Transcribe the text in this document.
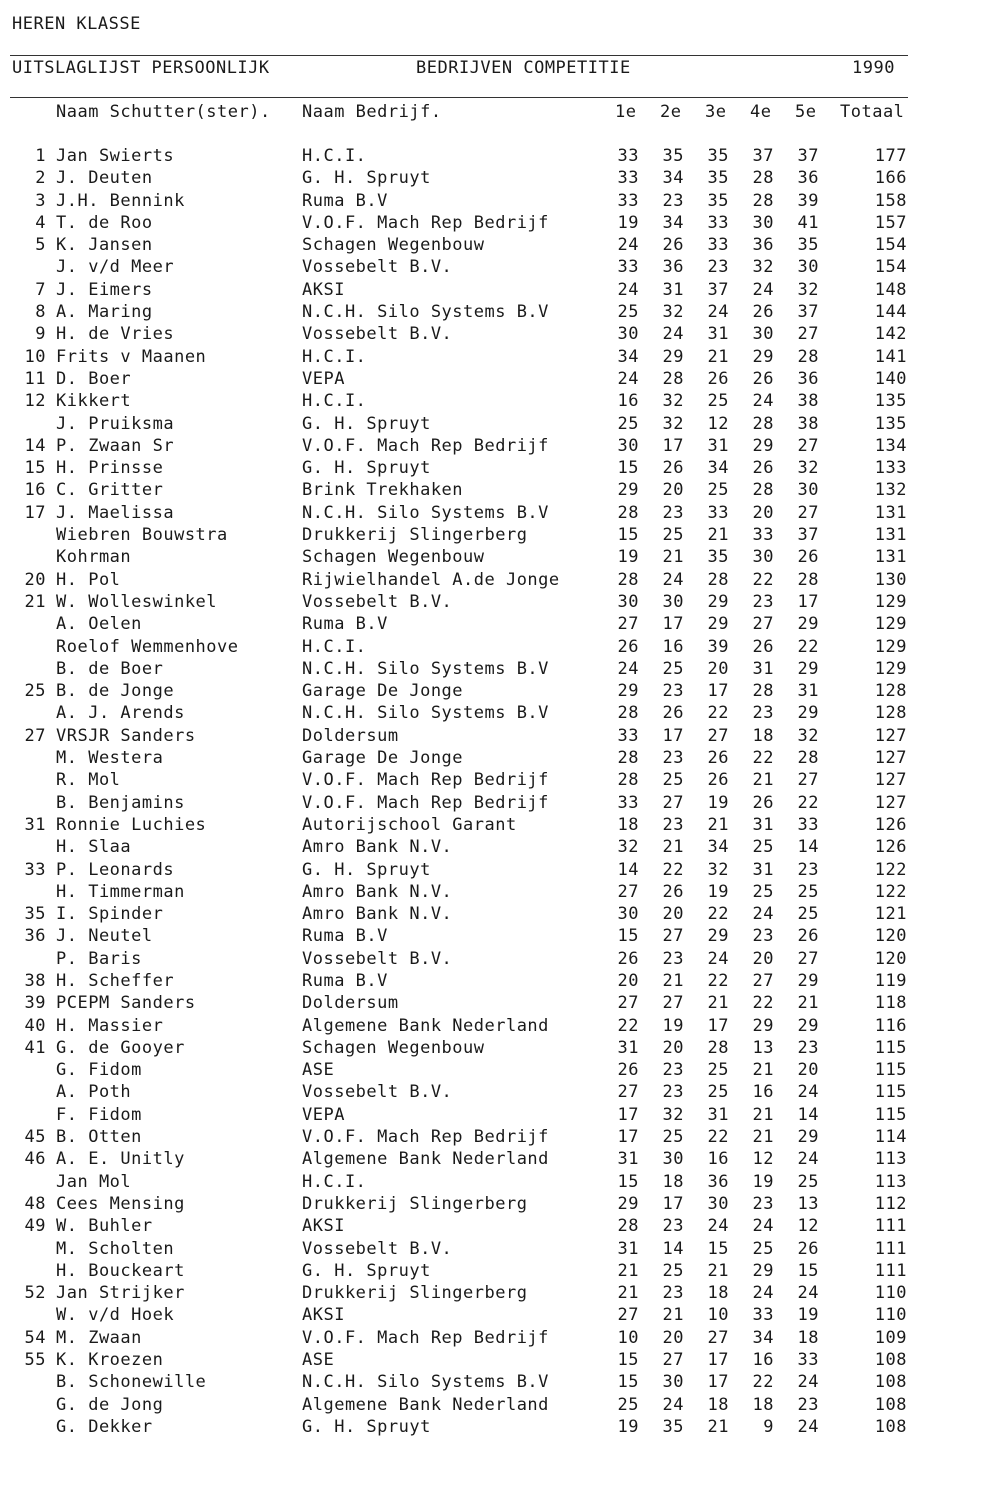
HEREN KLASSE
UITSLAGLIJST PERSOONLIJK	BEDRIJVEN COMPETITIE	1990
Naam Schutter(ster). Naam Bedrijf.	1e 2e 3e 4e 5e Totaal
1 Jan Swierts	H.C.I.	33	35	35	37	37	177
2 J. Deuten	G. H. Spruyt	33	34	35	28	36	166
3 J.H. Bennink	Ruma B.V	33	23	35	28	39	158
4 T. de Roo	V.O.F. Mach Rep Bedrijf	19	34	33	30	41	157
5 K. Jansen	Schagen Wegenbouw	24	26	33	36	35	154
J. v/d Meer	Vossebelt B.V.	33	36	23	32	30	154
7 J. Eimers	AKSI	24	31	37	24	32	148
8 A. Maring	N.C.H. Silo Systems B.V	25	32	24	26	37	144
9 H. de Vries	Vossebelt B.V.	30	24	31	30	27	142
10 Frits v Maanen	H.C.I.	34	29	21	29	28	141
11 D. Boer	VEPA	24	28	26	26	36	140
12 Kikkert	H.C.I.	16	32	25	24	38	135
J. Pruiksma	G. H. Spruyt	25	32	12	28	38	135
14 P. Zwaan Sr	V.O.F. Mach Rep Bedrijf	30	17	31	29	27	134
15 H. Prinsse	G. H. Spruyt	15	26	34	26	32	133
16 C. Gritter	Brink Trekhaken	29	20	25	28	30	132
17 J. Maelissa	N.C.H. Silo Systems B.V	28	23	33	20	27	131
Wiebren Bouwstra	Drukkerij Slingerberg	15	25	21	33	37	131
Kohrman	Schagen Wegenbouw	19	21	35	30	26	131
20 H. Pol	Rijwielhandel A.de Jonge	28	24	28	22	28	130
21 W. Wolleswinkel	Vossebelt B.V.	30	30	29	23	17	129
A. Oelen	Ruma B.V	27	17	29	27	29	129
Roelof Wemmenhove	H.C.I.	26	16	39	26	22	129
B. de Boer	N.C.H. Silo Systems B.V	24	25	20	31	29	129
25 B. de Jonge	Garage De Jonge	29	23	17	28	31	128
A. J. Arends	N.C.H. Silo Systems B.V	28	26	22	23	29	128
27 VRSJR Sanders	Doldersum	33	17	27	18	32	127
M. Westera	Garage De Jonge	28	23	26	22	28	127
R. Mol	V.O.F. Mach Rep Bedrijf	28	25	26	21	27	127
B. Benjamins	V.O.F. Mach Rep Bedrijf	33	27	19	26	22	127
31 Ronnie Luchies	Autorijschool Garant	18	23	21	31	33	126
H. Slaa	Amro Bank N.V.	32	21	34	25	14	126
33 P. Leonards	G. H. Spruyt	14	22	32	31	23	122
H. Timmerman	Amro Bank N.V.	27	26	19	25	25	122
35 I. Spinder	Amro Bank N.V.	30	20	22	24	25	121
36 J. Neutel	Ruma B.V	15	27	29	23	26	120
P. Baris	Vossebelt B.V.	26	23	24	20	27	120
38 H. Scheffer	Ruma B.V	20	21	22	27	29	119
39 PCEPM Sanders	Doldersum	27	27	21	22	21	118
40 H. Massier	Algemene Bank Nederland	22	19	17	29	29	116
41 G. de Gooyer	Schagen Wegenbouw	31	20	28	13	23	115
G. Fidom	ASE	26	23	25	21	20	115
A. Poth	Vossebelt B.V.	27	23	25	16	24	115
F. Fidom	VEPA	17	32	31	21	14	115
45 B. Otten	V.O.F. Mach Rep Bedrijf	17	25	22	21	29	114
46 A. E. Unitly	Algemene Bank Nederland	31	30	16	12	24	113
Jan Mol	H.C.I.	15	18	36	19	25	113
48 Cees Mensing	Drukkerij Slingerberg	29	17	30	23	13	112
49 W. Buhler	AKSI	28	23	24	24	12	111
M. Scholten	Vossebelt B.V.	31	14	15	25	26	111
H. Bouckeart	G. H. Spruyt	21	25	21	29	15	111
52 Jan Strijker	Drukkerij Slingerberg	21	23	18	24	24	110
W. v/d Hoek	AKSI	27	21	10	33	19	110
54 M. Zwaan	V.O.F. Mach Rep Bedrijf	10	20	27	34	18	109
55 K. Kroezen	ASE	15	27	17	16	33	108
B. Schonewille	N.C.H. Silo Systems B.V	15	30	17	22	24	108
G. de Jong	Algemene Bank Nederland	25	24	18	18	23	108
G. Dekker	G. H. Spruyt	19	35	21	9	24	108
